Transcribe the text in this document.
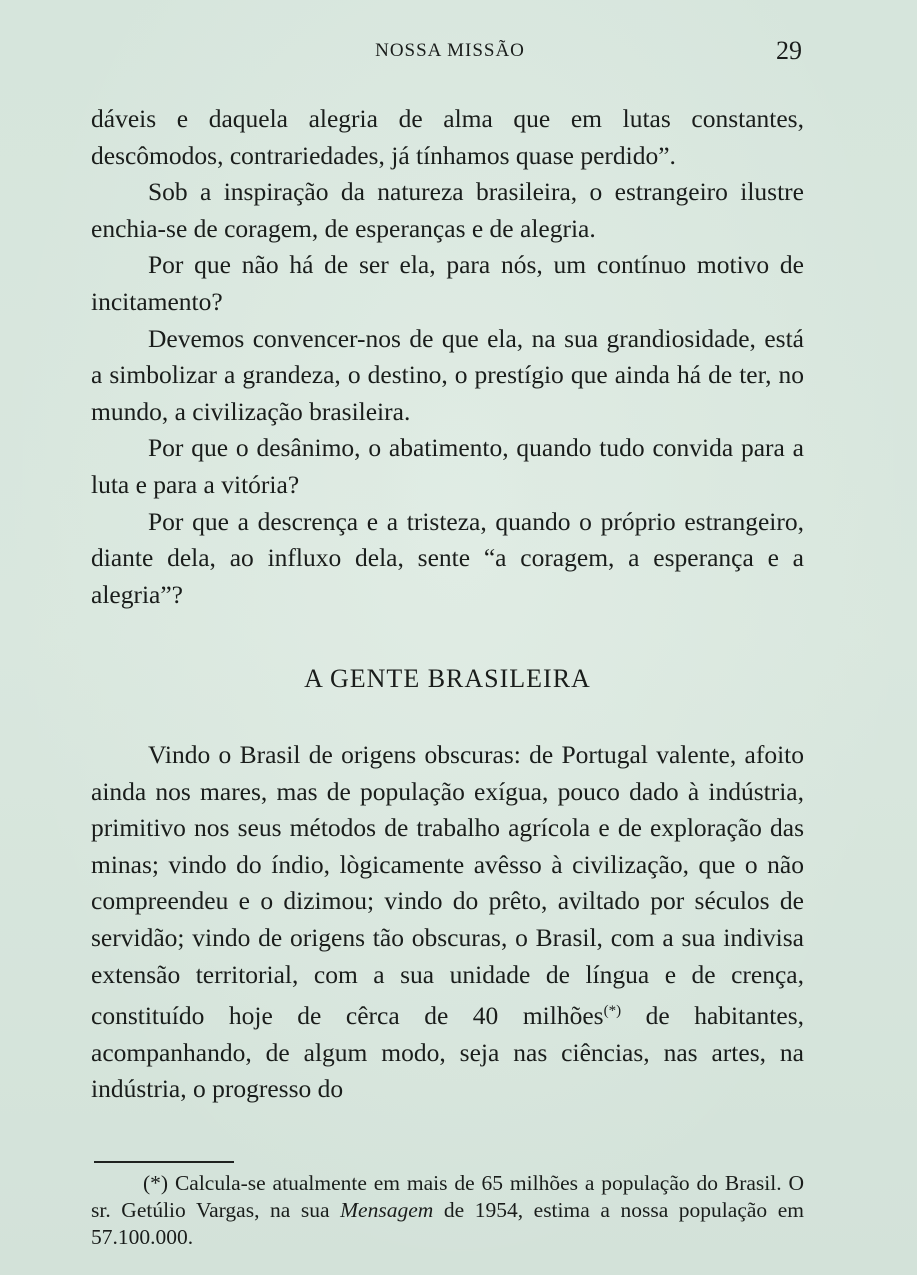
NOSSA MISSÃO	29

dáveis e daquela alegria de alma que em lutas constantes, descômodos, contrariedades, já tínhamos quase perdido”.

Sob a inspiração da natureza brasileira, o estrangeiro ilustre enchia-se de coragem, de esperanças e de alegria.

Por que não há de ser ela, para nós, um contínuo motivo de incitamento?

Devemos convencer-nos de que ela, na sua grandiosidade, está a simbolizar a grandeza, o destino, o prestígio que ainda há de ter, no mundo, a civilização brasileira.

Por que o desânimo, o abatimento, quando tudo convida para a luta e para a vitória?

Por que a descrença e a tristeza, quando o próprio estrangeiro, diante dela, ao influxo dela, sente “a coragem, a esperança e a alegria”?

A GENTE BRASILEIRA

Vindo o Brasil de origens obscuras: de Portugal valente, afoito ainda nos mares, mas de população exígua, pouco dado à indústria, primitivo nos seus métodos de trabalho agrícola e de exploração das minas; vindo do índio, lògicamente avêsso à civilização, que o não compreendeu e o dizimou; vindo do prêto, aviltado por séculos de servidão; vindo de origens tão obscuras, o Brasil, com a sua indivisa extensão territorial, com a sua unidade de língua e de crença, constituído hoje de cêrca de 40 milhões(*) de habitantes, acompanhando, de algum modo, seja nas ciências, nas artes, na indústria, o progresso do

(*) Calcula-se atualmente em mais de 65 milhões a população do Brasil. O sr. Getúlio Vargas, na sua Mensagem de 1954, estima a nossa população em 57.100.000.
